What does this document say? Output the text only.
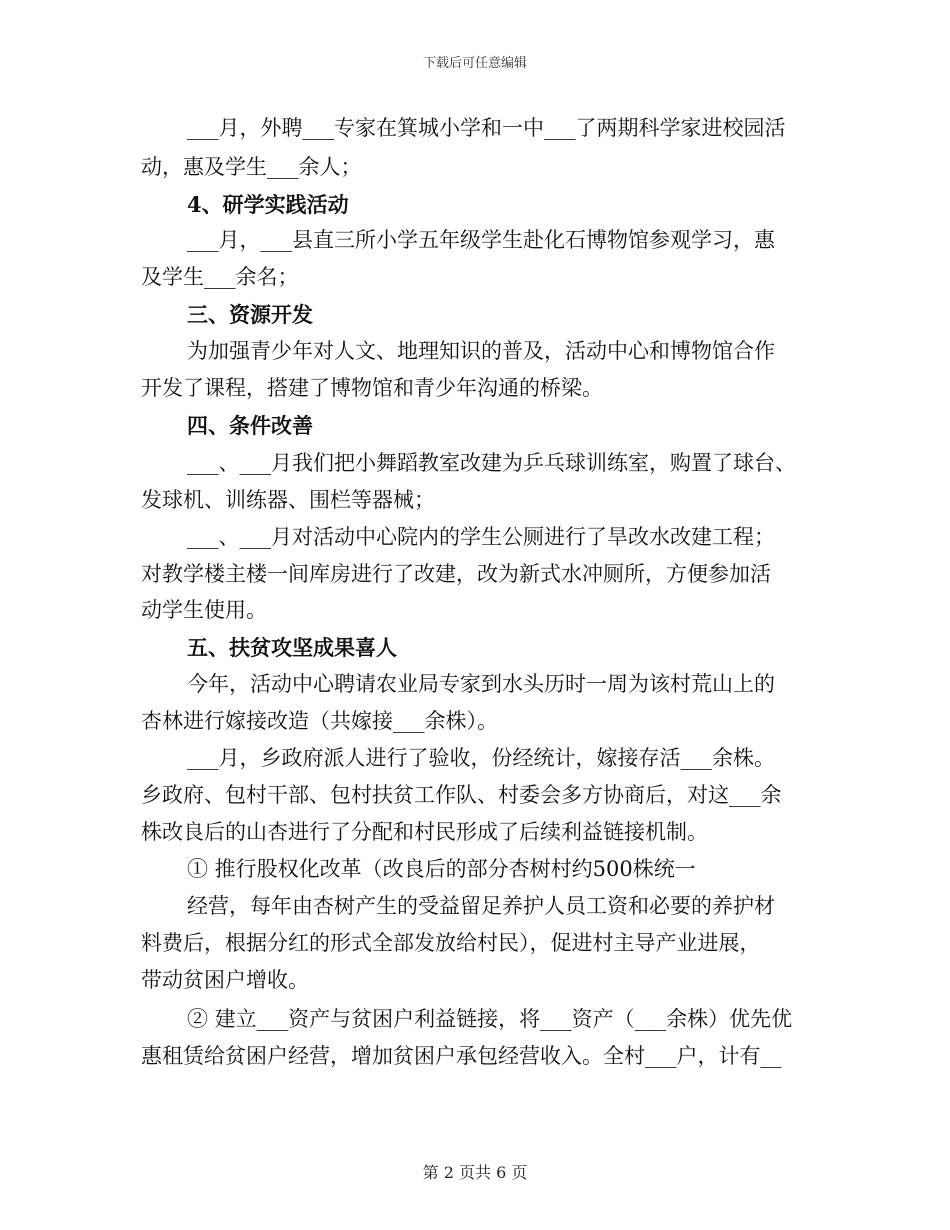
下载后可任意编辑
___月，外聘___专家在箕城小学和一中___了两期科学家进校园活
动，惠及学生___余人；
4、研学实践活动
___月，___县直三所小学五年级学生赴化石博物馆参观学习，惠
及学生___余名；
三、资源开发
为加强青少年对人文、地理知识的普及，活动中心和博物馆合作
开发了课程，搭建了博物馆和青少年沟通的桥梁。
四、条件改善
___、___月我们把小舞蹈教室改建为乒乓球训练室，购置了球台、
发球机、训练器、围栏等器械；
___、___月对活动中心院内的学生公厕进行了旱改水改建工程；
对教学楼主楼一间库房进行了改建，改为新式水冲厕所，方便参加活
动学生使用。
五、扶贫攻坚成果喜人
今年，活动中心聘请农业局专家到水头历时一周为该村荒山上的
杏林进行嫁接改造（共嫁接___余株）。
___月，乡政府派人进行了验收，份经统计，嫁接存活___余株。
乡政府、包村干部、包村扶贫工作队、村委会多方协商后，对这___余
株改良后的山杏进行了分配和村民形成了后续利益链接机制。
① 推行股权化改革（改良后的部分杏树村约500株统一
经营，每年由杏树产生的受益留足养护人员工资和必要的养护材
料费后，根据分红的形式全部发放给村民），促进村主导产业进展，
带动贫困户增收。
② 建立___资产与贫困户利益链接，将___资产（___余株）优先优
惠租赁给贫困户经营，增加贫困户承包经营收入。全村___户，计有__
第 2 页共 6 页
